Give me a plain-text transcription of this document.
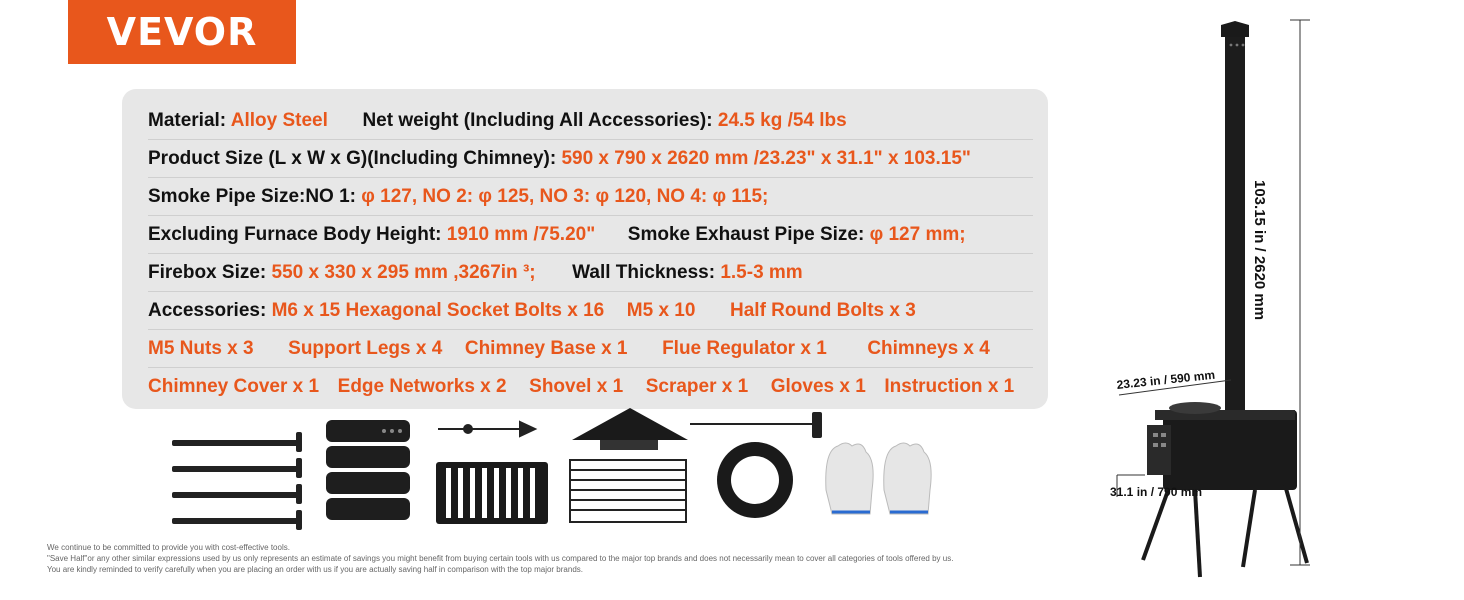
VEVOR
Material: Alloy Steel Net weight (Including All Accessories): 24.5 kg /54 lbs
Product Size (L x W x G)(Including Chimney): 590 x 790 x 2620 mm /23.23" x 31.1" x 103.15"
Smoke Pipe Size:NO 1: φ 127, NO 2: φ 125, NO 3: φ 120, NO 4: φ 115;
Excluding Furnace Body Height: 1910 mm /75.20" Smoke Exhaust Pipe Size: φ 127 mm;
Firebox Size: 550 x 330 x 295 mm ,3267in ³; Wall Thickness: 1.5-3 mm
Accessories: M6 x 15 Hexagonal Socket Bolts x 16 M5 x 10 Half Round Bolts x 3
M5 Nuts x 3 Support Legs x 4 Chimney Base x 1 Flue Regulator x 1 Chimneys x 4
Chimney Cover x 1 Edge Networks x 2 Shovel x 1 Scraper x 1 Gloves x 1 Instruction x 1
103.15 in / 2620 mm
23.23 in / 590 mm
31.1 in / 790 mm
We continue to be committed to provide you with cost-effective tools.
"Save Half"or any other similar expressions used by us only represents an estimate of savings you might benefit from buying certain tools with us compared to the major top brands and does not necessarily mean to cover all categories of tools offered by us.
You are kindly reminded to verify carefully when you are placing an order with us if you are actually saving half in comparison with the top major brands.
